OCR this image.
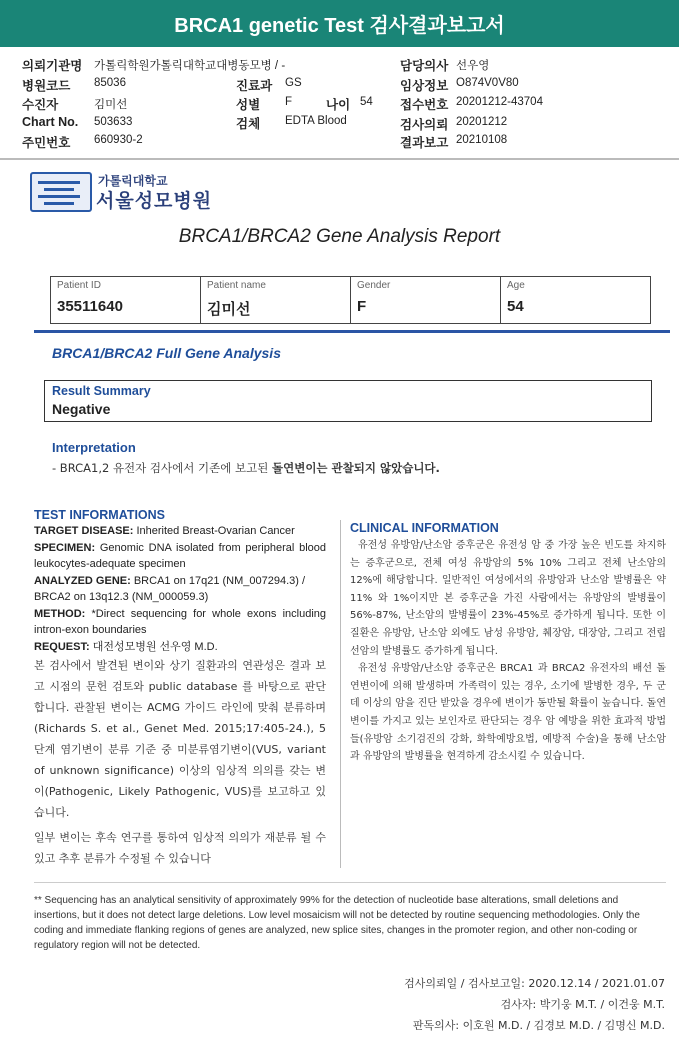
BRCA1 genetic Test 검사결과보고서
의뢰기관명 가톨릭학원가톨릭대학교대병동모병 / -	담당의사 선우영
병원코드 85036	진료과 GS	임상정보 O874V0V80
수진자	김미선	성별 F	나이 54 접수번호 20201212-43704
Chart No. 503633	검체 EDTA Blood	검사의뢰 20201212
주민번호 660930-2	결과보고 20210108
가톨릭대학교
서울성모병원
BRCA1/BRCA2 Gene Analysis Report
Patient ID
35511640
Patient name
김미선
Gender
F
Age
54
BRCA1/BRCA2 Full Gene Analysis
Result Summary
Negative
Interpretation
- BRCA1,2 유전자 검사에서 기존에 보고된 돌연변이는 관찰되지 않았습니다.
TEST INFORMATIONS
TARGET DISEASE: Inherited Breast-Ovarian Cancer
SPECIMEN: Genomic DNA isolated from peripheral blood leukocytes-adequate specimen
ANALYZED GENE: BRCA1 on 17q21 (NM_007294.3) / BRCA2 on 13q12.3 (NM_000059.3)
METHOD: *Direct sequencing for whole exons including intron-exon boundaries
REQUEST: 대전성모병원 선우영 M.D.
본 검사에서 발견된 변이와 상기 질환과의 연관성은 결과 보고 시점의 문헌 검토와 public database 를 바탕으로 판단합니다. 관찰된 변이는 ACMG 가이드 라인에 맞춰 분류하며(Richards S. et al., Genet Med. 2015;17:405-24.), 5 단계 염기변이 분류 기준 중 미분류염기변이(VUS, variant of unknown significance) 이상의 임상적 의의를 갖는 변이(Pathogenic, Likely Pathogenic, VUS)를 보고하고 있습니다.
일부 변이는 후속 연구를 통하여 임상적 의의가 재분류 될 수 있고 추후 분류가 수정될 수 있습니다
CLINICAL INFORMATION
유전성 유방암/난소암 증후군은 유전성 암 중 가장 높은 빈도를 차지하는 증후군으로, 전체 여성 유방암의 5% 10% 그리고 전체 난소암의 12%에 해당합니다. 일반적인 여성에서의 유방암과 난소암 발병률은 약 11% 와 1%이지만 본 증후군을 가진 사람에서는 유방암의 발병률이 56%-87%, 난소암의 발병률이 23%-45%로 증가하게 됩니다. 또한 이 질환은 유방암, 난소암 외에도 남성 유방암, 췌장암, 대장암, 그리고 전립선암의 발병률도 증가하게 됩니다.
유전성 유방암/난소암 증후군은 BRCA1 과 BRCA2 유전자의 배선 돌연변이에 의해 발생하며 가족력이 있는 경우, 소기에 발병한 경우, 두 군데 이상의 암을 진단 받았을 경우에 변이가 동반될 확률이 높습니다. 돌연변이를 가지고 있는 보인자로 판단되는 경우 암 예방을 위한 효과적 방법들(유방암 소기검진의 강화, 화학예방요법, 예방적 수술)을 통해 난소암과 유방암의 발병률을 현격하게 감소시킬 수 있습니다.
** Sequencing has an analytical sensitivity of approximately 99% for the detection of nucleotide base alterations, small deletions and insertions, but it does not detect large deletions. Low level mosaicism will not be detected by routine sequencing methodologies. Only the coding and immediate flanking regions of genes are analyzed, new splice sites, changes in the promoter region, and other non-coding or regulatory region will not be detected.
검사의뢰일 / 검사보고일: 2020.12.14 / 2021.01.07
검사자: 박기웅 M.T. / 이건웅 M.T.
판독의사: 이호원 M.D. / 김경보 M.D. / 김명신 M.D.
